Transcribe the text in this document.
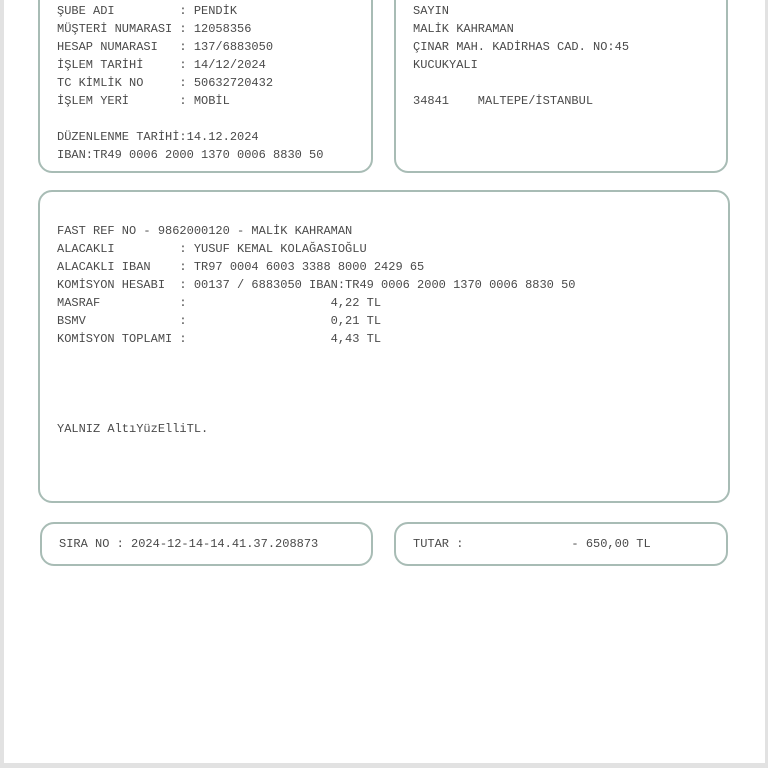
ŞUBE ADI         : PENDİK
MÜŞTERİ NUMARASI : 12058356
HESAP NUMARASI   : 137/6883050
İŞLEM TARİHİ     : 14/12/2024
TC KİMLİK NO     : 50632720432
İŞLEM YERİ       : MOBİL
DÜZENLENME TARİHİ:14.12.2024
IBAN:TR49 0006 2000 1370 0006 8830 50
SAYIN
MALİK KAHRAMAN
ÇINAR MAH. KADİRHAS CAD. NO:45
KUCUKYALI
34841    MALTEPE/İSTANBUL
FAST REF NO - 9862000120 - MALİK KAHRAMAN
ALACAKLI         : YUSUF KEMAL KOLAĞASIOĞLU
ALACAKLI IBAN    : TR97 0004 6003 3388 8000 2429 65
KOMİSYON HESABI  : 00137 / 6883050 IBAN:TR49 0006 2000 1370 0006 8830 50
MASRAF           :                    4,22 TL
BSMV             :                    0,21 TL
KOMİSYON TOPLAMI :                    4,43 TL
YALNIZ AltıYüzElliTL.
SIRA NO : 2024-12-14-14.41.37.208873	TUTAR :               - 650,00 TL
